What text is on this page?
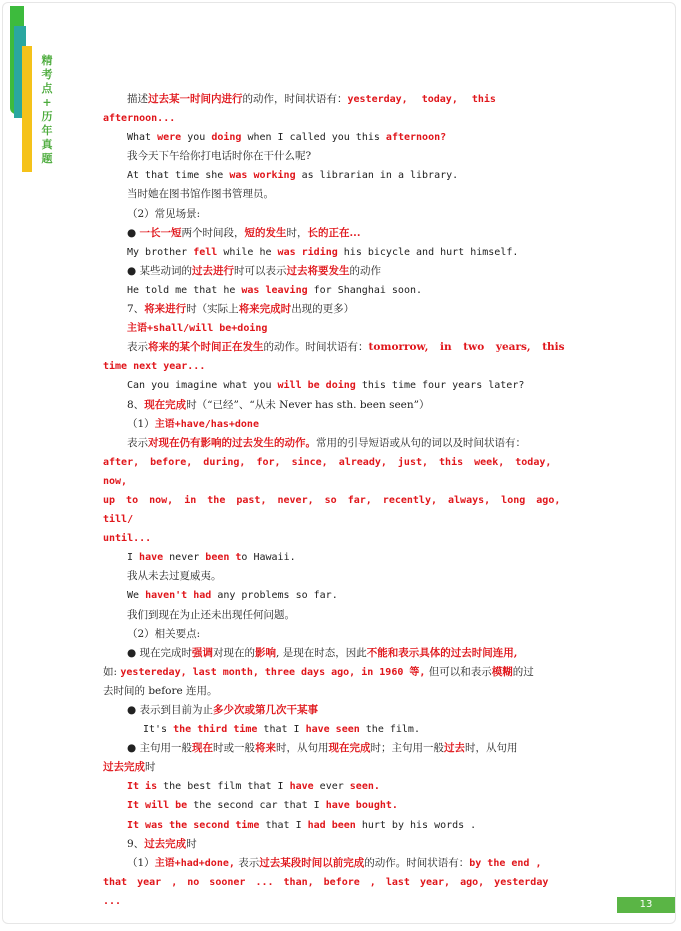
精
考
点
+
历
年
真
题

描述过去某一时间内进行的动作，时间状语有：yesterday, today, this

afternoon...

What were you doing when I called you this afternoon?

我今天下午给你打电话时你在干什么呢?

At that time she was working as librarian in a library.

当时她在图书馆作图书管理员。

（2）常见场景:

● 一长一短两个时间段，短的发生时，长的正在...

My brother fell while he was riding his bicycle and hurt himself.

● 某些动词的过去进行时可以表示过去将要发生的动作

He told me that he was leaving for Shanghai soon.

7、将来进行时（实际上将来完成时出现的更多）

主语+shall/will be+doing

表示将来的某个时间正在发生的动作。时间状语有：tomorrow, in two years, this

time next year...

Can you imagine what you will be doing this time four years later?

8、现在完成时（“已经”、“从未 Never has sth. been seen”）

（1）主语+have/has+done

表示对现在仍有影响的过去发生的动作。常用的引导短语或从句的词以及时间状语有：

after, before, during, for, since, already, just, this week, today, now,

up to now, in the past, never, so far, recently, always, long ago, till/

until...

I have never been to Hawaii.

我从未去过夏威夷。

We haven't had any problems so far.

我们到现在为止还未出现任何问题。

（2）相关要点:

● 现在完成时强调对现在的影响, 是现在时态，因此不能和表示具体的过去时间连用,

如: yestereday, last month, three days ago, in 1960 等, 但可以和表示模糊的过

去时间的 before 连用。

● 表示到目前为止多少次或第几次干某事

It's the third time that I have seen the film.

● 主句用一般现在时或一般将来时，从句用现在完成时；主句用一般过去时，从句用

过去完成时

It is the best film that I have ever seen.

It will be the second car that I have bought.

It was the second time that I had been hurt by his words .

9、过去完成时

（1）主语+had+done, 表示过去某段时间以前完成的动作。时间状语有：by the end ,

that year , no sooner ... than, before , last year, ago, yesterday ...	13
